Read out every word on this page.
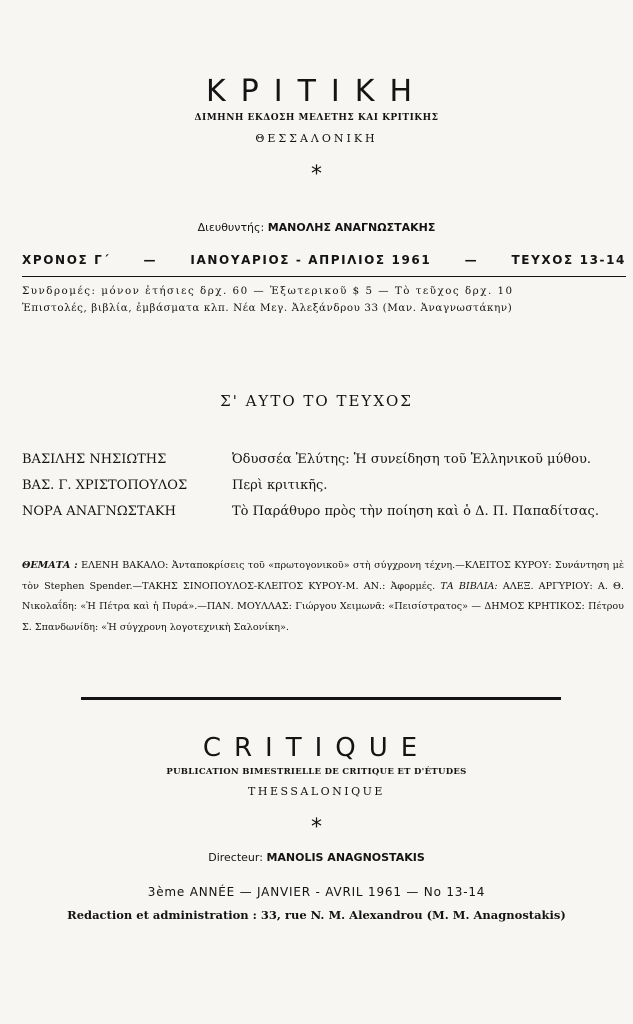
ΚΡΙΤΙΚΗ
ΔΙΜΗΝΗ ΕΚΔΟΣΗ ΜΕΛΕΤΗΣ ΚΑΙ ΚΡΙΤΙΚΗΣ
ΘΕΣΣΑΛΟΝΙΚΗ
*
Διευθυντής: ΜΑΝΟΛΗΣ ΑΝΑΓΝΩΣΤΑΚΗΣ
ΧΡΟΝΟΣ Γ΄	—	ΙΑΝΟΥΑΡΙΟΣ - ΑΠΡΙΛΙΟΣ 1961	—	ΤΕΥΧΟΣ 13-14
Συνδρομές: μόνον ἐτήσιες δρχ. 60 — Ἐξωτερικοῦ $ 5 — Τὸ τεῦχος δρχ. 10
Ἐπιστολές, βιβλία, ἐμβάσματα κλπ. Νέα Μεγ. Ἀλεξάνδρου 33 (Μαν. Ἀναγνωστάκην)
Σ' ΑΥΤΟ ΤΟ ΤΕΥΧΟΣ
ΒΑΣΙΛΗΣ ΝΗΣΙΩΤΗΣ	Ὀδυσσέα Ἐλύτης: Ἡ συνείδηση τοῦ Ἑλληνικοῦ μύθου.
ΒΑΣ. Γ. ΧΡΙΣΤΟΠΟΥΛΟΣ	Περὶ κριτικῆς.
ΝΟΡΑ ΑΝΑΓΝΩΣΤΑΚΗ	Τὸ Παράθυρο πρὸς τὴν ποίηση καὶ ὁ Δ. Π. Παπαδίτσας.
ΘΕΜΑΤΑ : ΕΛΕΝΗ ΒΑΚΑΛΟ: Ἀνταποκρίσεις τοῦ «πρωτογονικοῦ» στὴ σύγχρονη τέχνη.—ΚΛΕΙΤΟΣ ΚΥΡΟΥ: Συνάντηση μὲ τὸν Stephen Spender.—ΤΑΚΗΣ ΣΙΝΟΠΟΥΛΟΣ-ΚΛΕΙΤΟΣ ΚΥΡΟΥ-Μ. ΑΝ.: Ἀφορμές. ΤΑ ΒΙΒΛΙΑ: ΑΛΕΞ. ΑΡΓΥΡΙΟΥ: Α. Θ. Νικολαΐδη: «Ἡ Πέτρα καὶ ἡ Πυρά».—ΠΑΝ. ΜΟΥΛΛΑΣ: Γιώργου Χειμωνᾶ: «Πεισίστρατος» — ΔΗΜΟΣ ΚΡΗΤΙΚΟΣ: Πέτρου Σ. Σπανδωνίδη: «Ἡ σύγχρονη λογοτεχνικὴ Σαλονίκη».
CRITIQUE
PUBLICATION BIMESTRIELLE DE CRITIQUE ET D'ÉTUDES
THESSALONIQUE
*
Directeur: MANOLIS ANAGNOSTAKIS
3ème ANNÉE — JANVIER - AVRIL 1961 — No 13-14
Redaction et administration : 33, rue N. M. Alexandrou (M. M. Anagnostakis)
